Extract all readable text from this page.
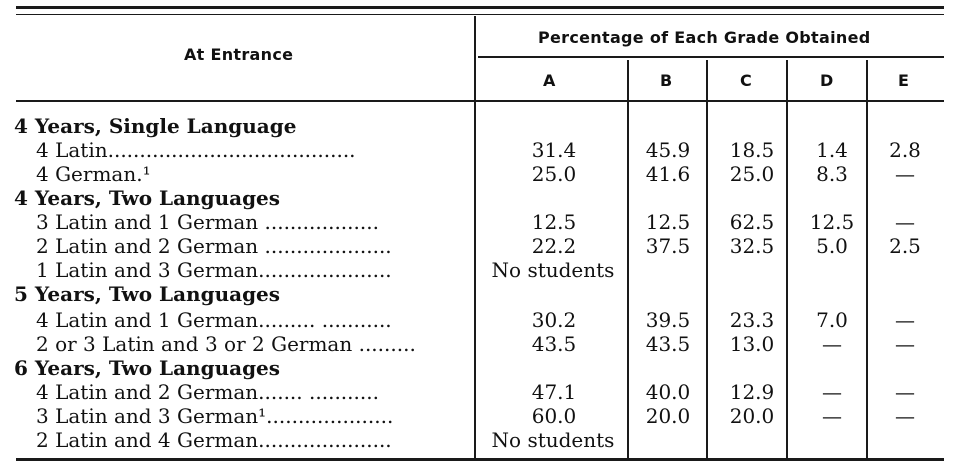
At Entrance
Percentage of Each Grade Obtained
A	B	C	D	E
4 Years, Single Language
4 Latin.......................................	31.4	45.9	18.5	1.4	2.8
4 German.¹	25.0	41.6	25.0	8.3	—
4 Years, Two Languages
3 Latin and 1 German ..................	12.5	12.5	62.5	12.5	—
2 Latin and 2 German ....................	22.2	37.5	32.5	5.0	2.5
1 Latin and 3 German.....................	No students
5 Years, Two Languages
4 Latin and 1 German......... ...........	30.2	39.5	23.3	7.0	—
2 or 3 Latin and 3 or 2 German .........	43.5	43.5	13.0	—	—
6 Years, Two Languages
4 Latin and 2 German....... ...........	47.1	40.0	12.9	—	—
3 Latin and 3 German¹....................	60.0	20.0	20.0	—	—
2 Latin and 4 German.....................	No students
